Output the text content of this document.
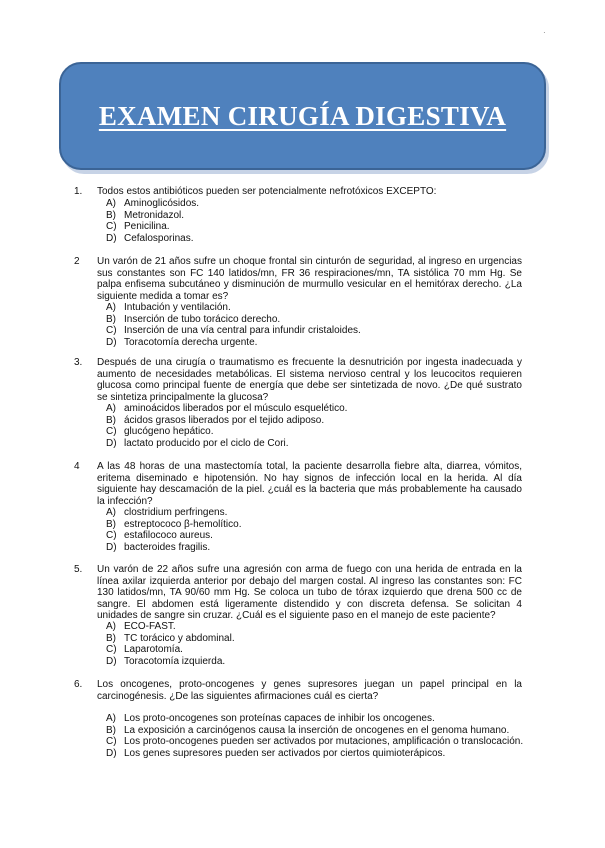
·
EXAMEN CIRUGÍA DIGESTIVA
1. Todos estos antibióticos pueden ser potencialmente nefrotóxicos EXCEPTO:
A) Aminoglicósidos.
B) Metronidazol.
C) Penicilina.
D) Cefalosporinas.
2 Un varón de 21 años sufre un choque frontal sin cinturón de seguridad, al ingreso en urgencias sus constantes son FC 140 latidos/mn, FR 36 respiraciones/mn, TA sistólica 70 mm Hg. Se palpa enfisema subcutáneo y disminución de murmullo vesicular en el hemitórax derecho. ¿La siguiente medida a tomar es?
A) Intubación y ventilación.
B) Inserción de tubo torácico derecho.
C) Inserción de una vía central para infundir cristaloides.
D) Toracotomía derecha urgente.
3. Después de una cirugía o traumatismo es frecuente la desnutrición por ingesta inadecuada y aumento de necesidades metabólicas. El sistema nervioso central y los leucocitos requieren glucosa como principal fuente de energía que debe ser sintetizada de novo. ¿De qué sustrato se sintetiza principalmente la glucosa?
A) aminoácidos liberados por el músculo esquelético.
B) ácidos grasos liberados por el tejido adiposo.
C) glucógeno hepático.
D) lactato producido por el ciclo de Cori.
4 A las 48 horas de una mastectomía total, la paciente desarrolla fiebre alta, diarrea, vómitos, eritema diseminado e hipotensión. No hay signos de infección local en la herida. Al día siguiente hay descamación de la piel. ¿cuál es la bacteria que más probablemente ha causado la infección?
A) clostridium perfringens.
B) estreptococo β-hemolítico.
C) estafilococo aureus.
D) bacteroides fragilis.
5. Un varón de 22 años sufre una agresión con arma de fuego con una herida de entrada en la línea axilar izquierda anterior por debajo del margen costal. Al ingreso las constantes son: FC 130 latidos/mn, TA 90/60 mm Hg. Se coloca un tubo de tórax izquierdo que drena 500 cc de sangre. El abdomen está ligeramente distendido y con discreta defensa. Se solicitan 4 unidades de sangre sin cruzar. ¿Cuál es el siguiente paso en el manejo de este paciente?
A) ECO-FAST.
B) TC torácico y abdominal.
C) Laparotomía.
D) Toracotomía izquierda.
6. Los oncogenes, proto-oncogenes y genes supresores juegan un papel principal en la carcinogénesis. ¿De las siguientes afirmaciones cuál es cierta?
A) Los proto-oncogenes son proteínas capaces de inhibir los oncogenes.
B) La exposición a carcinógenos causa la inserción de oncogenes en el genoma humano.
C) Los proto-oncogenes pueden ser activados por mutaciones, amplificación o translocación.
D) Los genes supresores pueden ser activados por ciertos quimioterápicos.
